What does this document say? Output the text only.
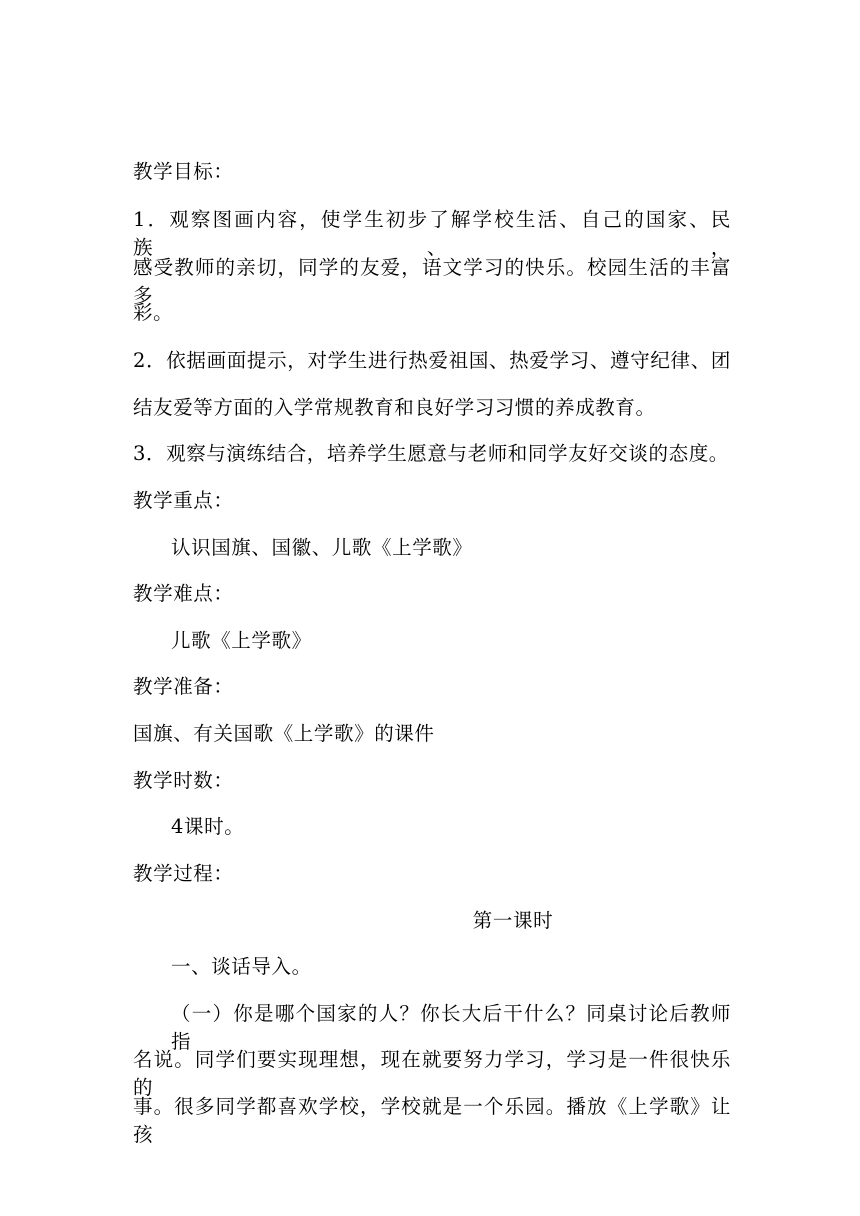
教学目标：

1．观察图画内容，使学生初步了解学校生活、自己的国家、民族、，

感受教师的亲切，同学的友爱，语文学习的快乐。校园生活的丰富多

彩。

2．依据画面提示，对学生进行热爱祖国、热爱学习、遵守纪律、团

结友爱等方面的入学常规教育和良好学习习惯的养成教育。

3．观察与演练结合，培养学生愿意与老师和同学友好交谈的态度。

教学重点：

认识国旗、国徽、儿歌《上学歌》

教学难点：

儿歌《上学歌》

教学准备：

国旗、有关国歌《上学歌》的课件

教学时数：

4课时。

教学过程：

第一课时

一、谈话导入。

（一）你是哪个国家的人？你长大后干什么？同桌讨论后教师指

名说。同学们要实现理想，现在就要努力学习，学习是一件很快乐的

事。很多同学都喜欢学校，学校就是一个乐园。播放《上学歌》让孩
